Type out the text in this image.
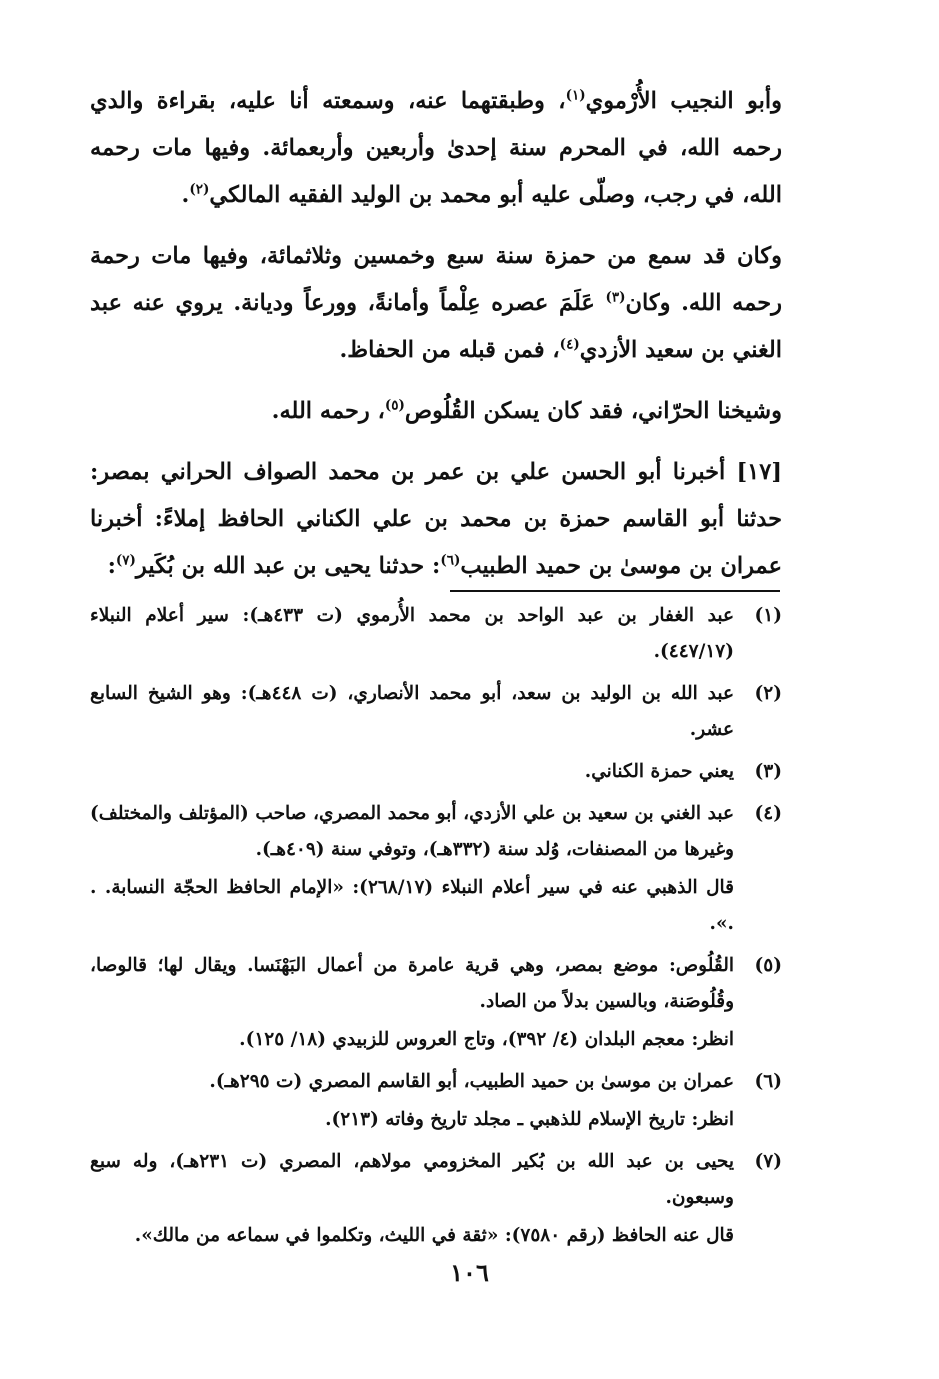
وأبو النجيب الأُرْموي$^{(١)}$، وطبقتهما عنه، وسمعته أنا عليه، بقراءة والدي رحمه الله، في المحرم سنة إحدىٰ وأربعين وأربعمائة. وفيها مات رحمه الله، في رجب، وصلّى عليه أبو محمد بن الوليد الفقيه المالكي$^{(٢)}$.

وكان قد سمع من حمزة سنة سبع وخمسين وثلاثمائة، وفيها مات رحمة رحمه الله. وكان$^{(٣)}$ عَلَمَ عصره عِلْماً وأمانةً، وورعاً وديانة. يروي عنه عبد الغني بن سعيد الأزدي$^{(٤)}$، فمن قبله من الحفاظ.

وشيخنا الحرّاني، فقد كان يسكن القُلُوص$^{(٥)}$، رحمه الله.

[١٧] أخبرنا أبو الحسن علي بن عمر بن محمد الصواف الحراني بمصر: حدثنا أبو القاسم حمزة بن محمد بن علي الكناني الحافظ إملاءً: أخبرنا عمران بن موسىٰ بن حميد الطبيب$^{(٦)}$: حدثنا يحيى بن عبد الله بن بُكَير$^{(٧)}$:

(١)
عبد الغفار بن عبد الواحد بن محمد الأُرموي (ت ٤٣٣هـ): سير أعلام النبلاء (٤٤٧/١٧).
(٢)
عبد الله بن الوليد بن سعد، أبو محمد الأنصاري، (ت ٤٤٨هـ): وهو الشيخ السابع عشر.
(٣)
يعني حمزة الكناني.
(٤)
عبد الغني بن سعيد بن علي الأزدي، أبو محمد المصري، صاحب (المؤتلف والمختلف) وغيرها من المصنفات، وُلد سنة (٣٣٢هـ)، وتوفي سنة (٤٠٩هـ).
قال الذهبي عنه في سير أعلام النبلاء (٢٦٨/١٧): «الإمام الحافظ الحجّة النسابة. . .».
(٥)
القُلُوص: موضع بمصر، وهي قرية عامرة من أعمال البَهْنَسا. ويقال لها؛ قالوصا، وقُلُوصَنة، وبالسين بدلاً من الصاد.
انظر: معجم البلدان (٤/ ٣٩٢)، وتاج العروس للزبيدي (١٨/ ١٢٥).
(٦)
عمران بن موسىٰ بن حميد الطبيب، أبو القاسم المصري (ت ٢٩٥هـ).
انظر: تاريخ الإسلام للذهبي ـ مجلد تاريخ وفاته (٢١٣).
(٧)
يحيى بن عبد الله بن بُكير المخزومي مولاهم، المصري (ت ٢٣١هـ)، وله سبع وسبعون.
قال عنه الحافظ (رقم ٧٥٨٠): «ثقة في الليث، وتكلموا في سماعه من مالك».
١٠٦
